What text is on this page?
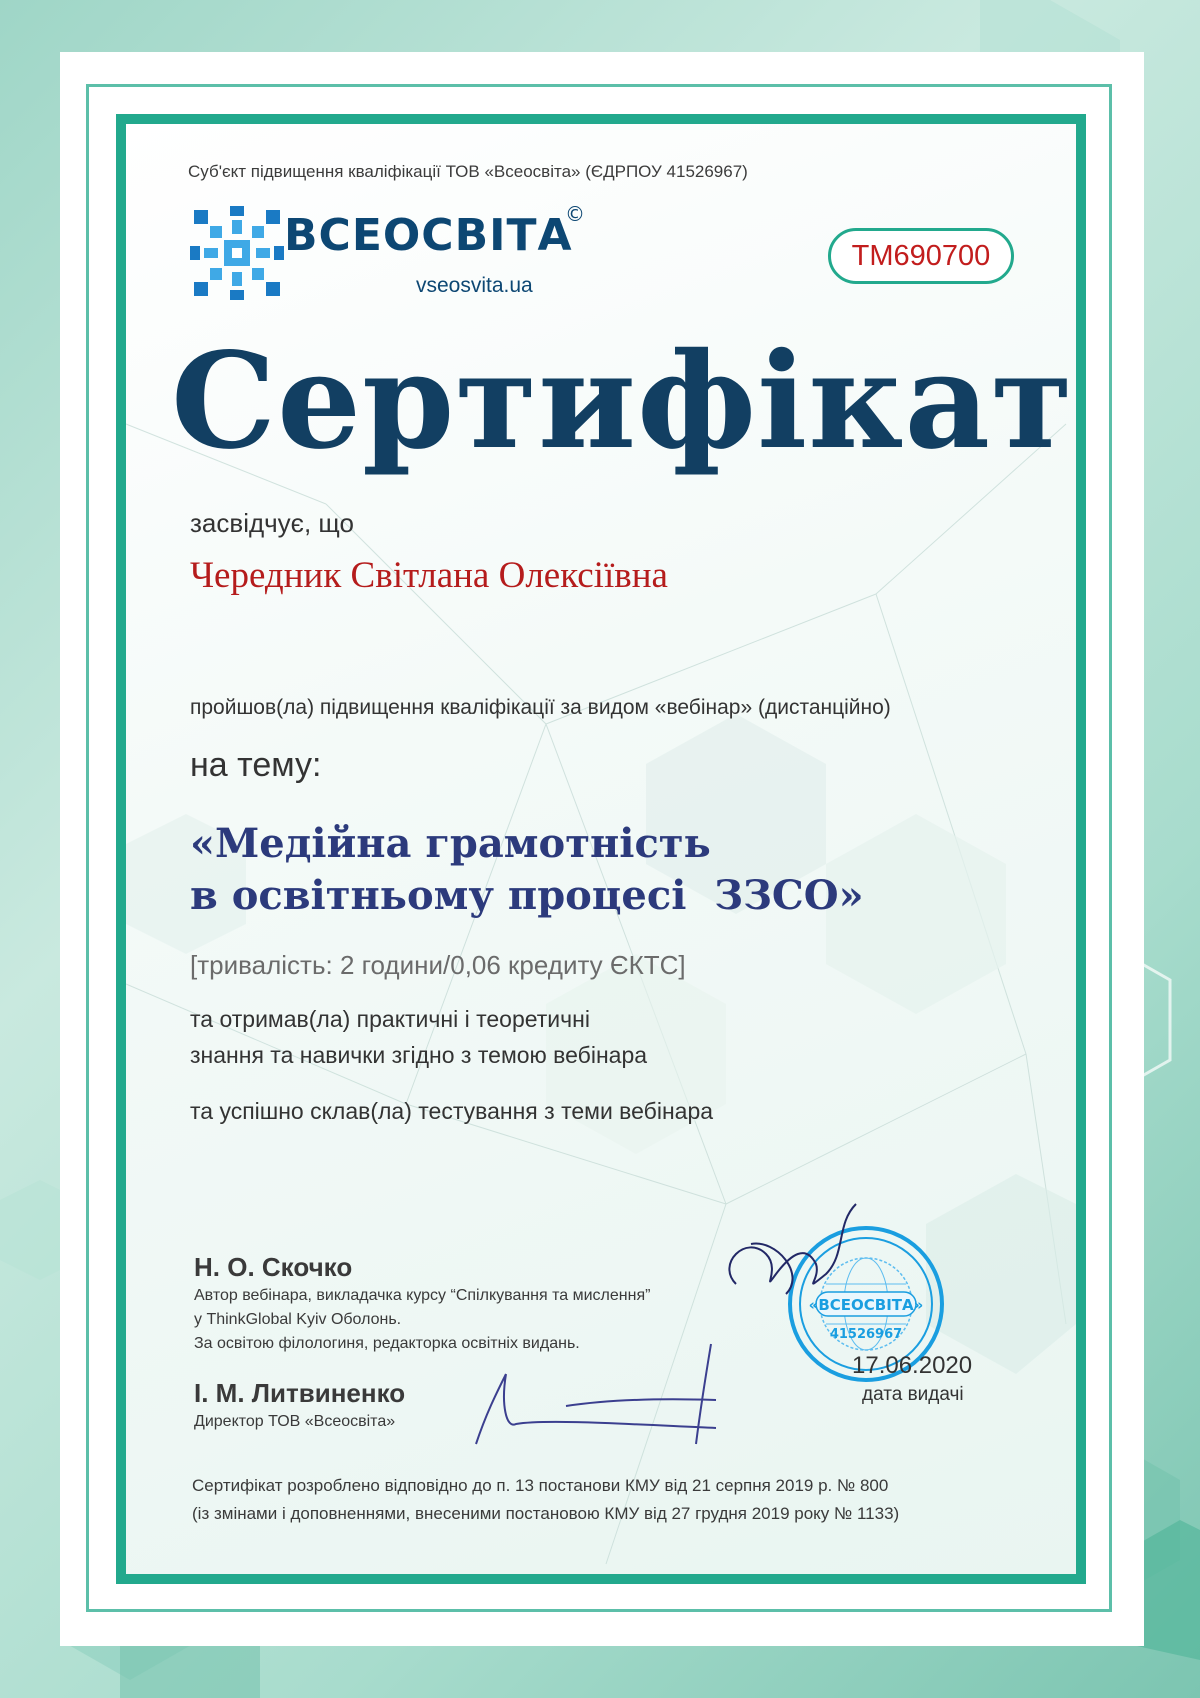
Суб'єкт підвищення кваліфікації ТОВ «Всеосвіта» (ЄДРПОУ 41526967)

ВСЕОСВІТА

©

vseosvita.ua

ТМ690700

Сертифікат

засвідчує, що

Чередник Світлана Олексіївна

пройшов(ла) підвищення кваліфікації за видом «вебінар» (дистанційно)

на тему:

«Медійна грамотність

в освітньому процесі  ЗЗСО»

[тривалість: 2 години/0,06 кредиту ЄКТС]

та отримав(ла) практичні і теоретичні

знання та навички згідно з темою вебінара

та успішно склав(ла) тестування з теми вебінара

Н. О. Скочко

Автор вебінара, викладачка курсу “Спілкування та мислення”

у ThinkGlobal Kyiv Оболонь.

За освітою філологиня, редакторка освітніх видань.

І. М. Литвиненко

Директор ТОВ «Всеосвіта»

«ВСЕОСВІТА»
41526967

17.06.2020

дата видачі

Сертифікат розроблено відповідно до п. 13 постанови КМУ від 21 серпня 2019 р. № 800

(із змінами і доповненнями, внесеними постановою КМУ від 27 грудня 2019 року № 1133)
